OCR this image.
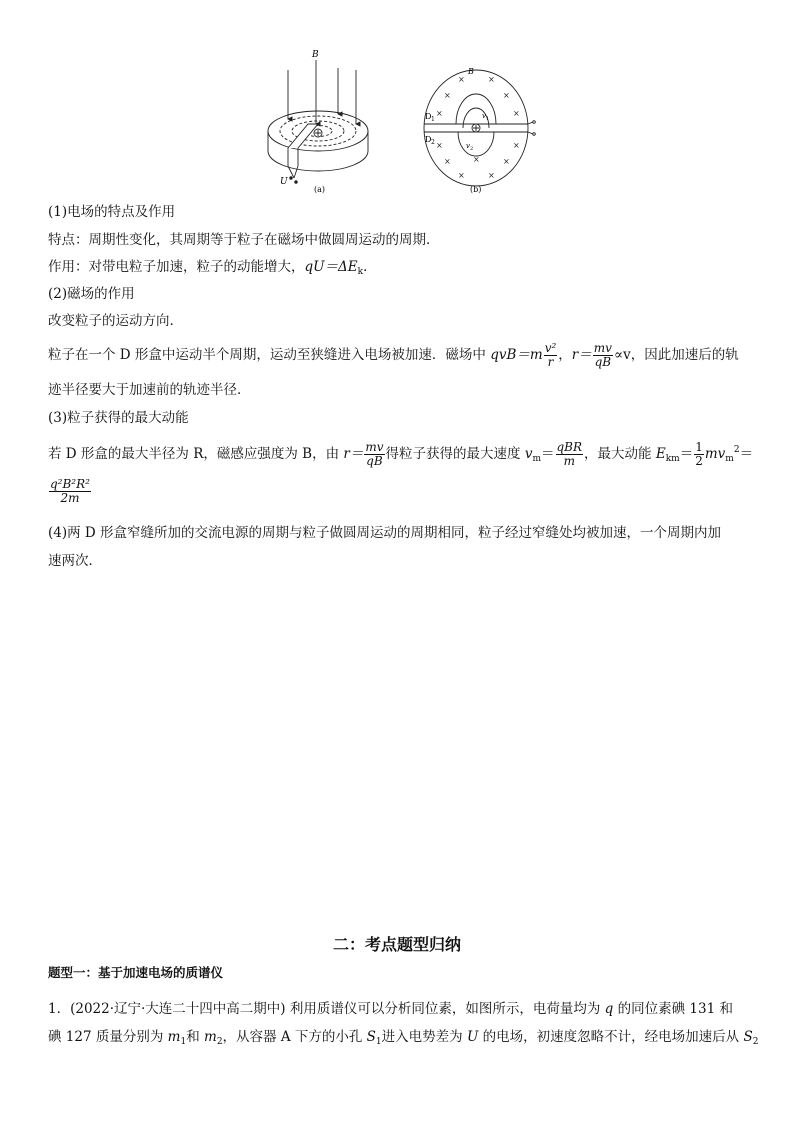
B
U
(a)
×	×
×	×
×	×
×	×
×	×	×
×	×
B
D 1
D 2
v 1
v 2
(b)
(1)电场的特点及作用
特点：周期性变化，其周期等于粒子在磁场中做圆周运动的周期．
作用：对带电粒子加速，粒子的动能增大，$qU=\Delta E_k$．
(2)磁场的作用
改变粒子的运动方向．
粒子在一个 D 形盒中运动半个周期，运动至狭缝进入电场被加速．磁场中 $qvB=m \frac{\text{v²}}{r}$ ，$r= \frac{mv}{qB} \propto v$，因此加速后的轨
迹半径要大于加速前的轨迹半径．
(3)粒子获得的最大动能
若 D 形盒的最大半径为 R，磁感应强度为 B，由 $r= \frac{mv}{qB}$ 得粒子获得的最大速度 $v_m= \frac{\text{qBR}}{m}$ ，最大动能 $E_{km}= \frac{1}{2} mv_m^2=$
$\frac{\text{q²B²R²}}{2m}$
(4)两 D 形盒窄缝所加的交流电源的周期与粒子做圆周运动的周期相同，粒子经过窄缝处均被加速，一个周期内加
速两次．
二：考点题型归纳
题型一：基于加速电场的质谱仪
1．(2022·辽宁·大连二十四中高二期中) 利用质谱仪可以分析同位素，如图所示，电荷量均为 q 的同位素碘 131 和
碘 127 质量分别为 $m_1$和 $m_2$，从容器 A 下方的小孔 $S_1$进入电势差为 U 的电场，初速度忽略不计，经电场加速后从 $S_2$
